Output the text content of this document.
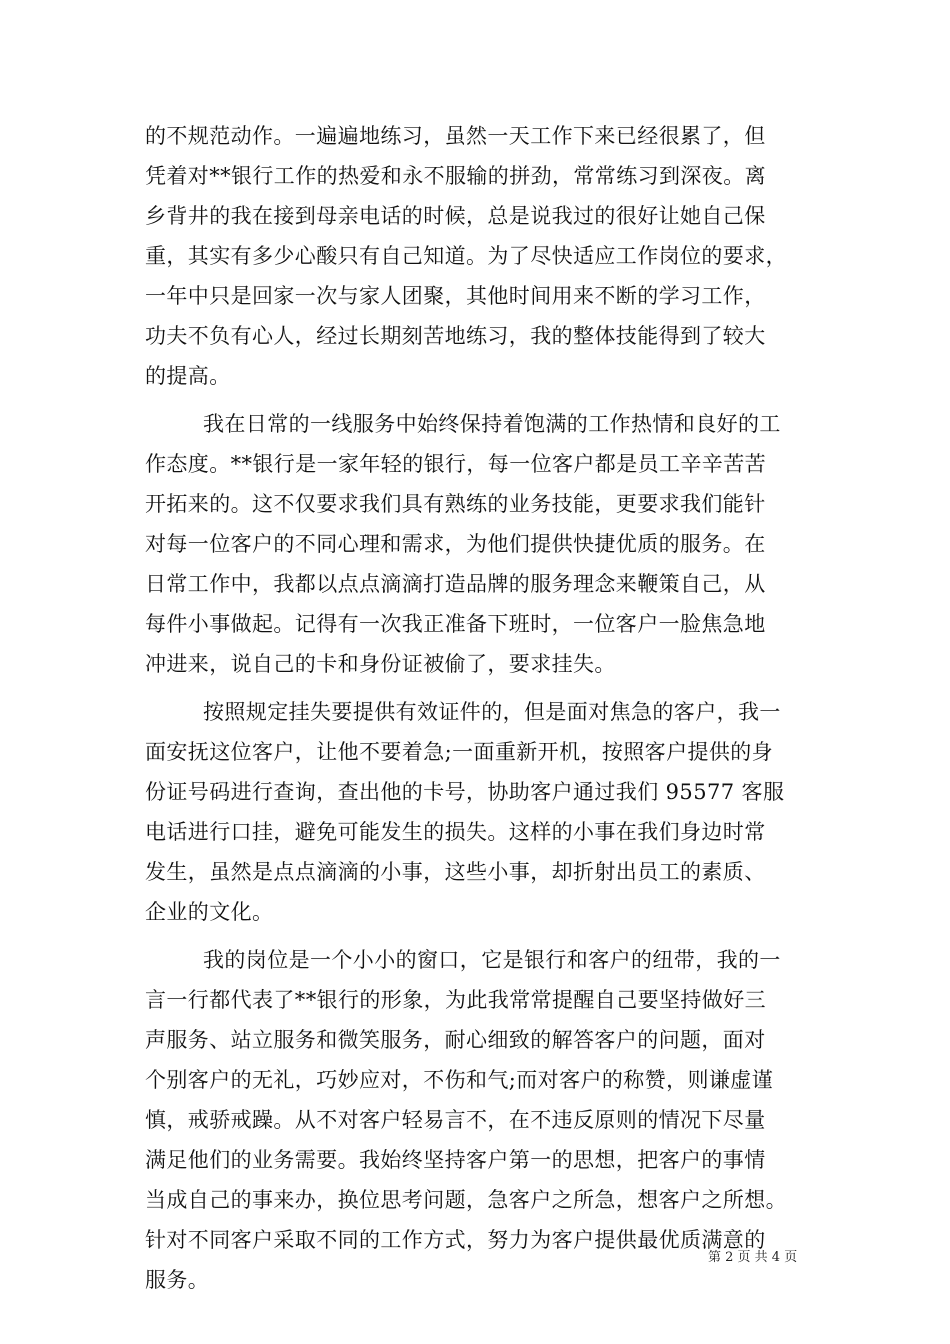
的不规范动作。一遍遍地练习，虽然一天工作下来已经很累了，但
凭着对**银行工作的热爱和永不服输的拼劲，常常练习到深夜。离
乡背井的我在接到母亲电话的时候，总是说我过的很好让她自己保
重，其实有多少心酸只有自己知道。为了尽快适应工作岗位的要求，
一年中只是回家一次与家人团聚，其他时间用来不断的学习工作，
功夫不负有心人，经过长期刻苦地练习，我的整体技能得到了较大
的提高。
我在日常的一线服务中始终保持着饱满的工作热情和良好的工
作态度。**银行是一家年轻的银行，每一位客户都是员工辛辛苦苦
开拓来的。这不仅要求我们具有熟练的业务技能，更要求我们能针
对每一位客户的不同心理和需求，为他们提供快捷优质的服务。在
日常工作中，我都以点点滴滴打造品牌的服务理念来鞭策自己，从
每件小事做起。记得有一次我正准备下班时，一位客户一脸焦急地
冲进来，说自己的卡和身份证被偷了，要求挂失。
按照规定挂失要提供有效证件的，但是面对焦急的客户，我一
面安抚这位客户，让他不要着急;一面重新开机，按照客户提供的身
份证号码进行查询，查出他的卡号，协助客户通过我们 95577 客服
电话进行口挂，避免可能发生的损失。这样的小事在我们身边时常
发生，虽然是点点滴滴的小事，这些小事，却折射出员工的素质、
企业的文化。
我的岗位是一个小小的窗口，它是银行和客户的纽带，我的一
言一行都代表了**银行的形象，为此我常常提醒自己要坚持做好三
声服务、站立服务和微笑服务，耐心细致的解答客户的问题，面对
个别客户的无礼，巧妙应对，不伤和气;而对客户的称赞，则谦虚谨
慎，戒骄戒躁。从不对客户轻易言不，在不违反原则的情况下尽量
满足他们的业务需要。我始终坚持客户第一的思想，把客户的事情
当成自己的事来办，换位思考问题，急客户之所急，想客户之所想。
针对不同客户采取不同的工作方式，努力为客户提供最优质满意的
服务。
第 2 页 共 4 页
